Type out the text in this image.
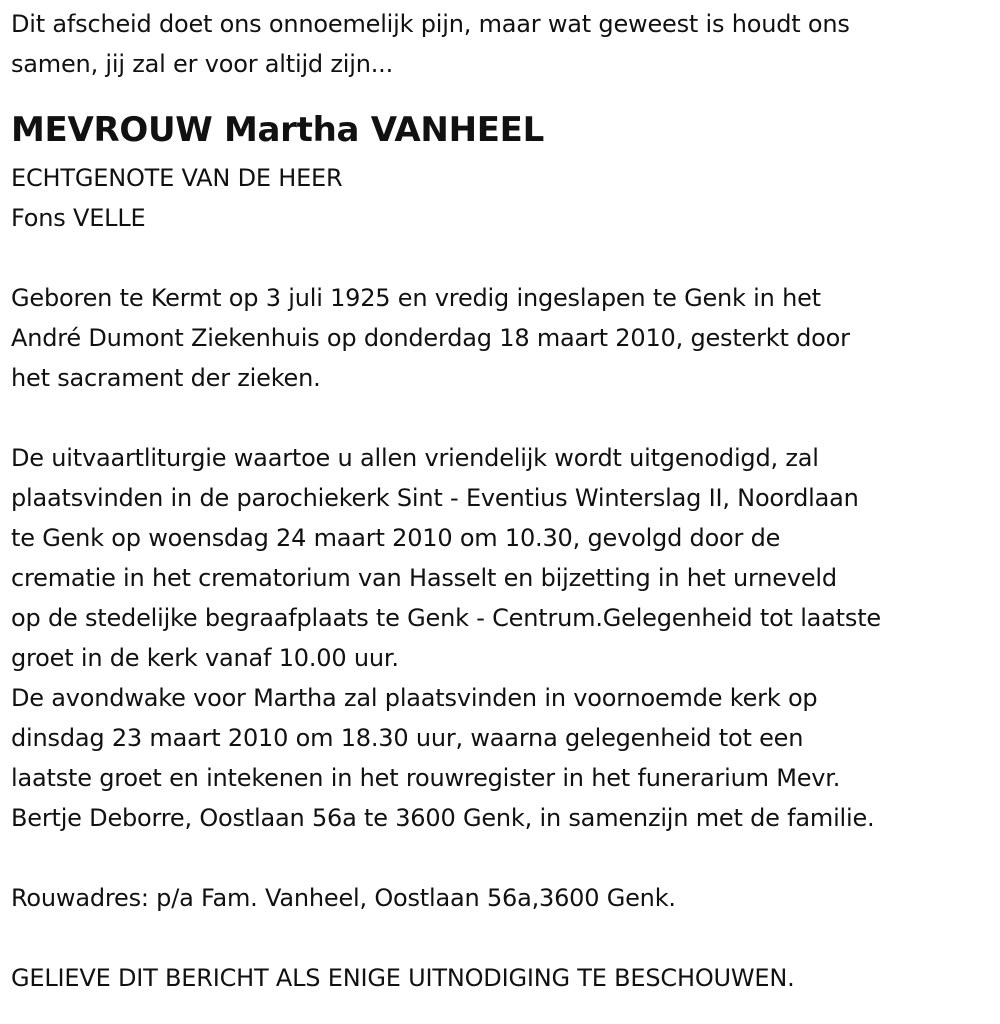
Dit afscheid doet ons onnoemelijk pijn, maar wat geweest is houdt ons
samen, jij zal er voor altijd zijn...
MEVROUW Martha VANHEEL
ECHTGENOTE VAN DE HEER
Fons VELLE
Geboren te Kermt op 3 juli 1925 en vredig ingeslapen te Genk in het
André Dumont Ziekenhuis op donderdag 18 maart 2010, gesterkt door
het sacrament der zieken.
De uitvaartliturgie waartoe u allen vriendelijk wordt uitgenodigd, zal
plaatsvinden in de parochiekerk Sint - Eventius Winterslag II, Noordlaan
te Genk op woensdag 24 maart 2010 om 10.30, gevolgd door de
crematie in het crematorium van Hasselt en bijzetting in het urneveld
op de stedelijke begraafplaats te Genk - Centrum.Gelegenheid tot laatste
groet in de kerk vanaf 10.00 uur.
De avondwake voor Martha zal plaatsvinden in voornoemde kerk op
dinsdag 23 maart 2010 om 18.30 uur, waarna gelegenheid tot een
laatste groet en intekenen in het rouwregister in het funerarium Mevr.
Bertje Deborre, Oostlaan 56a te 3600 Genk, in samenzijn met de familie.
Rouwadres: p/a Fam. Vanheel, Oostlaan 56a,3600 Genk.
GELIEVE DIT BERICHT ALS ENIGE UITNODIGING TE BESCHOUWEN.
